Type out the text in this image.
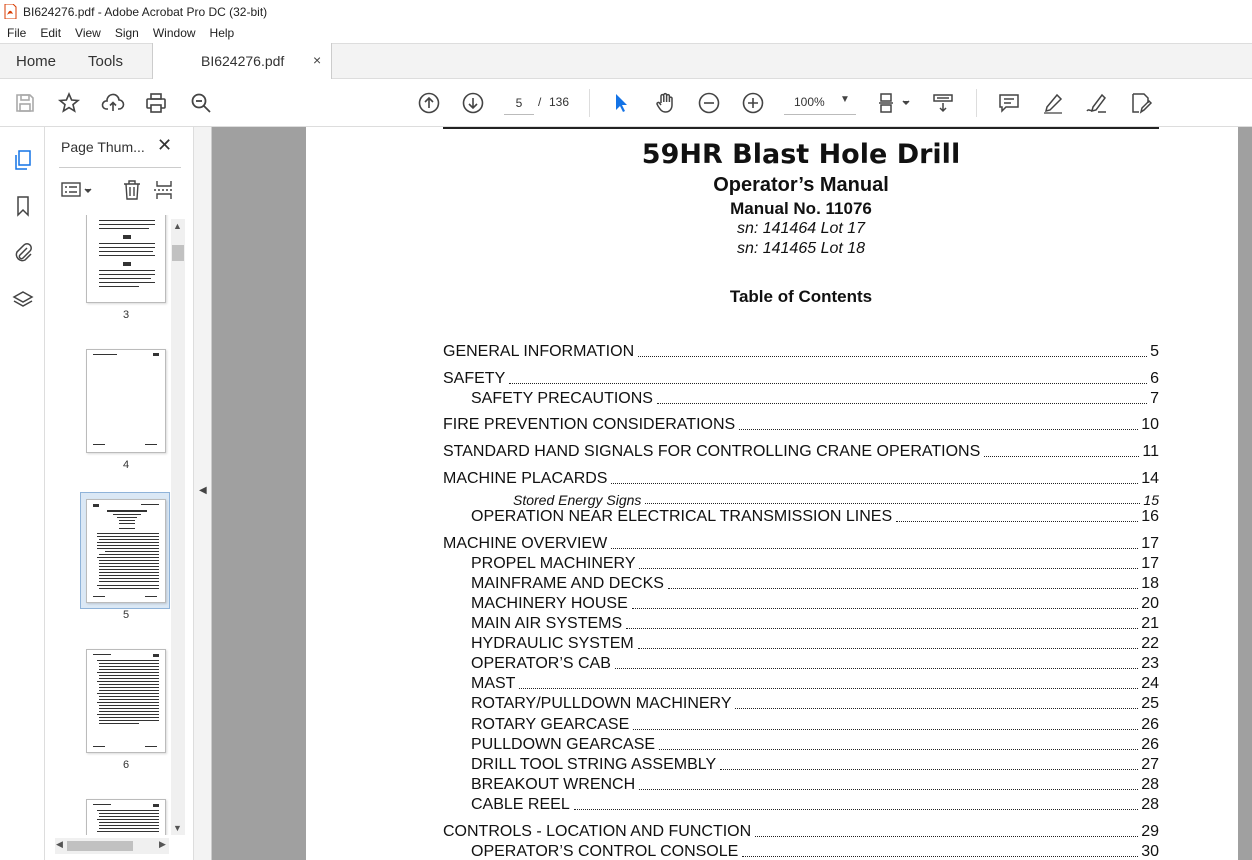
BI624276.pdf - Adobe Acrobat Pro DC (32-bit)
File	Edit	View	Sign	Window	Help
Home Tools	BI624276.pdf ×
5
/ 136	100% ▼
Page Thum... ✕
3
4
5
6
▲
▼
◀	▶
◀
59HR Blast Hole Drill
Operator’s Manual
Manual No. 11076
sn: 141464 Lot 17
sn: 141465 Lot 18
Table of Contents
GENERAL INFORMATION	5
SAFETY	6
SAFETY PRECAUTIONS	7
FIRE PREVENTION CONSIDERATIONS	10
STANDARD HAND SIGNALS FOR CONTROLLING CRANE OPERATIONS	11
MACHINE PLACARDS	14
Stored Energy Signs	15
OPERATION NEAR ELECTRICAL TRANSMISSION LINES	16
MACHINE OVERVIEW	17
PROPEL MACHINERY	17
MAINFRAME AND DECKS	18
MACHINERY HOUSE	20
MAIN AIR SYSTEMS	21
HYDRAULIC SYSTEM	22
OPERATOR’S CAB	23
MAST	24
ROTARY/PULLDOWN MACHINERY	25
ROTARY GEARCASE	26
PULLDOWN GEARCASE	26
DRILL TOOL STRING ASSEMBLY	27
BREAKOUT WRENCH	28
CABLE REEL	28
CONTROLS - LOCATION AND FUNCTION	29
OPERATOR’S CONTROL CONSOLE	30
